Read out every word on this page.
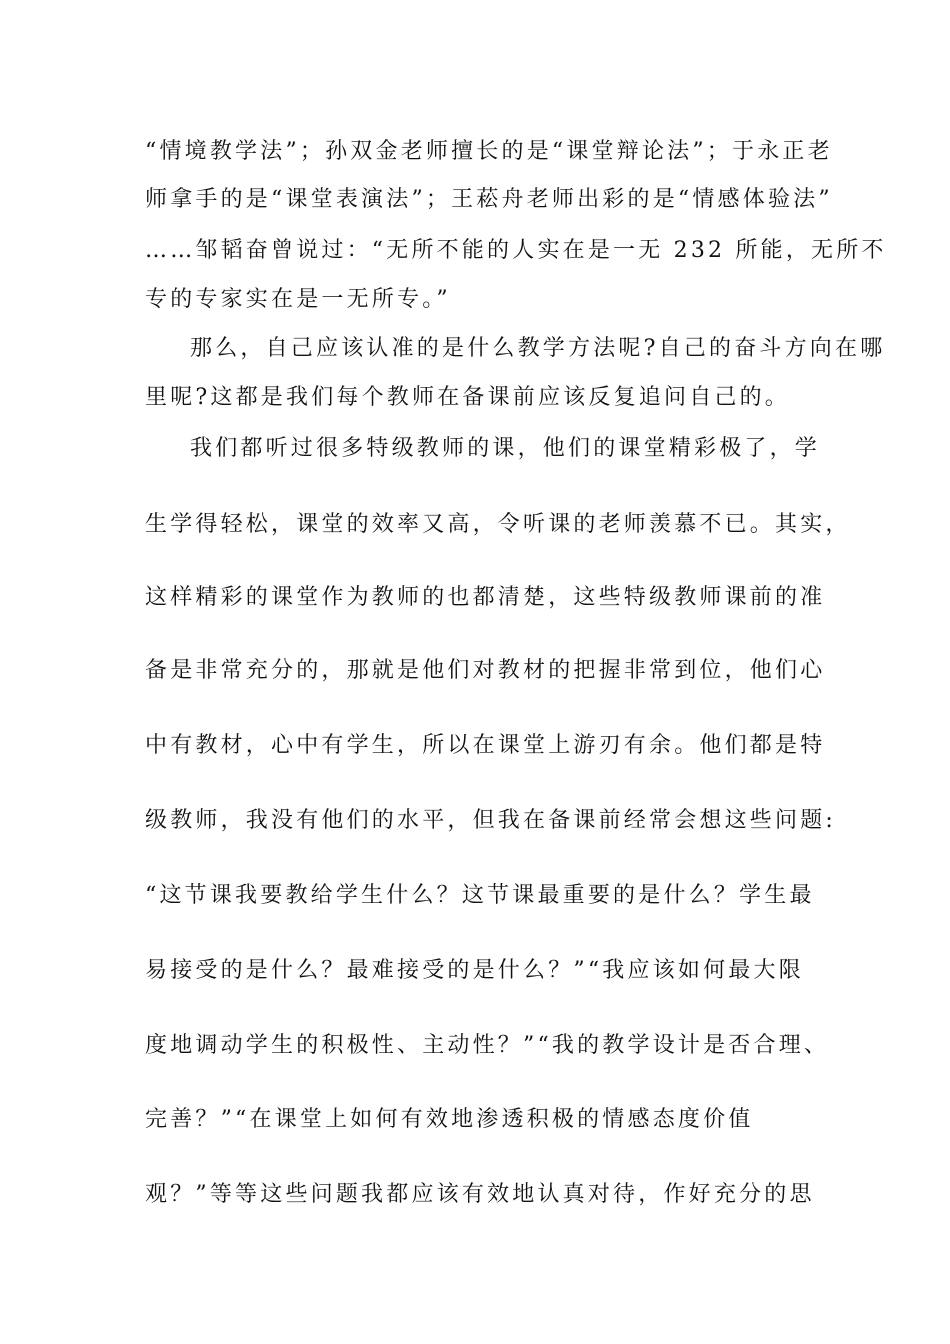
“情境教学法”；孙双金老师擅长的是“课堂辩论法”；于永正老
师拿手的是“课堂表演法”；王菘舟老师出彩的是“情感体验法”
……邹韬奋曾说过：“无所不能的人实在是一无 232 所能，无所不
专的专家实在是一无所专。”
那么，自己应该认准的是什么教学方法呢?自己的奋斗方向在哪
里呢?这都是我们每个教师在备课前应该反复追问自己的。
我们都听过很多特级教师的课，他们的课堂精彩极了，学
生学得轻松，课堂的效率又高，令听课的老师羡慕不已。其实，
这样精彩的课堂作为教师的也都清楚，这些特级教师课前的准
备是非常充分的，那就是他们对教材的把握非常到位，他们心
中有教材，心中有学生，所以在课堂上游刃有余。他们都是特
级教师，我没有他们的水平，但我在备课前经常会想这些问题:
“这节课我要教给学生什么？这节课最重要的是什么？学生最
易接受的是什么？最难接受的是什么？”“我应该如何最大限
度地调动学生的积极性、主动性？”“我的教学设计是否合理、
完善？”“在课堂上如何有效地渗透积极的情感态度价值
观？”等等这些问题我都应该有效地认真对待，作好充分的思
